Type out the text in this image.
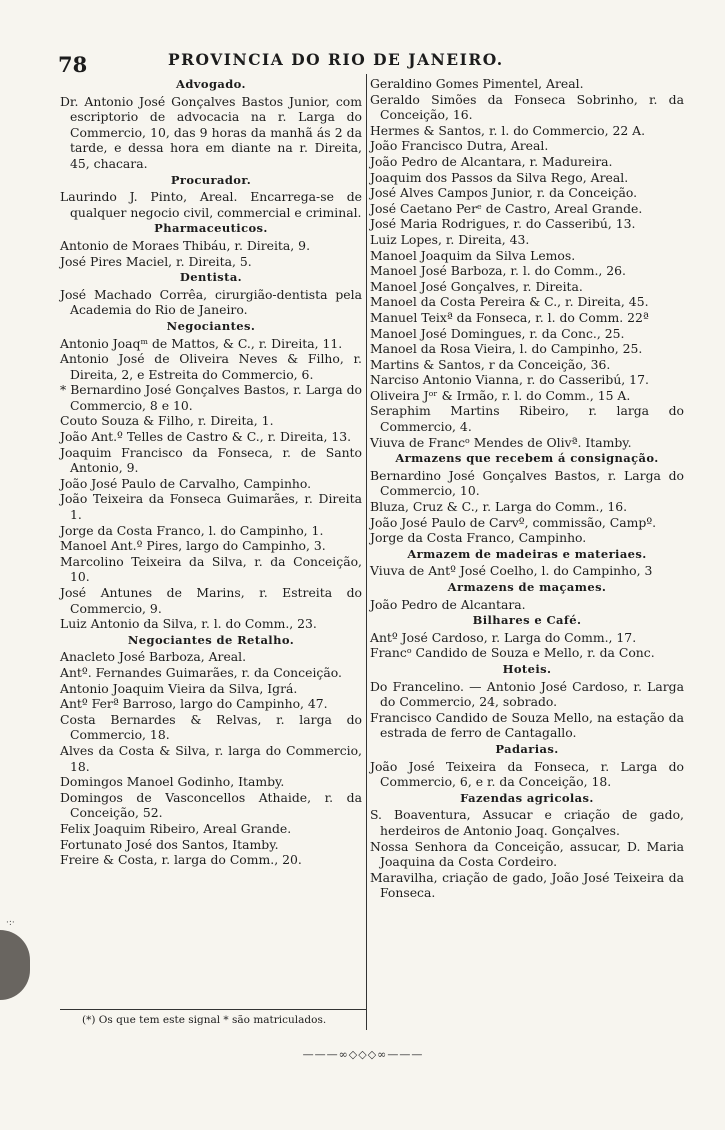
·:·
78	PROVINCIA DO RIO DE JANEIRO.
Advogado.
Dr. Antonio José Gonçalves Bastos Junior, com escriptorio de advocacia na r. Larga do Commercio, 10, das 9 horas da manhã ás 2 da tarde, e dessa hora em diante na r. Direita, 45, chacara.
Procurador.
Laurindo J. Pinto, Areal. Encarrega-se de qualquer negocio civil, commercial e criminal.
Pharmaceuticos.
Antonio de Moraes Thibáu, r. Direita, 9.
José Pires Maciel, r. Direita, 5.
Dentista.
José Machado Corrêa, cirurgião-dentista pela Academia do Rio de Janeiro.
Negociantes.
Antonio Joaqᵐ de Mattos, & C., r. Direita, 11.
Antonio José de Oliveira Neves & Filho, r. Direita, 2, e Estreita do Commercio, 6.
* Bernardino José Gonçalves Bastos, r. Larga do Commercio, 8 e 10.
Couto Souza & Filho, r. Direita, 1.
João Ant.º Telles de Castro & C., r. Direita, 13.
Joaquim Francisco da Fonseca, r. de Santo Antonio, 9.
João José Paulo de Carvalho, Campinho.
João Teixeira da Fonseca Guimarães, r. Direita 1.
Jorge da Costa Franco, l. do Campinho, 1.
Manoel Ant.º Pires, largo do Campinho, 3.
Marcolino Teixeira da Silva, r. da Conceição, 10.
José Antunes de Marins, r. Estreita do Commercio, 9.
Luiz Antonio da Silva, r. l. do Comm., 23.
Negociantes de Retalho.
Anacleto José Barboza, Areal.
Antº. Fernandes Guimarães, r. da Conceição.
Antonio Joaquim Vieira da Silva, Igrá.
Antº Ferª Barroso, largo do Campinho, 47.
Costa Bernardes & Relvas, r. larga do Commercio, 18.
Alves da Costa & Silva, r. larga do Commercio, 18.
Domingos Manoel Godinho, Itamby.
Domingos de Vasconcellos Athaide, r. da Conceição, 52.
Felix Joaquim Ribeiro, Areal Grande.
Fortunato José dos Santos, Itamby.
Freire & Costa, r. larga do Comm., 20.
Geraldino Gomes Pimentel, Areal.
Geraldo Simões da Fonseca Sobrinho, r. da Conceição, 16.
Hermes & Santos, r. l. do Commercio, 22 A.
João Francisco Dutra, Areal.
João Pedro de Alcantara, r. Madureira.
Joaquim dos Passos da Silva Rego, Areal.
José Alves Campos Junior, r. da Conceição.
José Caetano Perᵉ de Castro, Areal Grande.
José Maria Rodrigues, r. do Casseribú, 13.
Luiz Lopes, r. Direita, 43.
Manoel Joaquim da Silva Lemos.
Manoel José Barboza, r. l. do Comm., 26.
Manoel José Gonçalves, r. Direita.
Manoel da Costa Pereira & C., r. Direita, 45.
Manuel Teixª da Fonseca, r. l. do Comm. 22ª
Manoel José Domingues, r. da Conc., 25.
Manoel da Rosa Vieira, l. do Campinho, 25.
Martins & Santos, r da Conceição, 36.
Narciso Antonio Vianna, r. do Casseribú, 17.
Oliveira Jᵒʳ & Irmão, r. l. do Comm., 15 A.
Seraphim Martins Ribeiro, r. larga do Commercio, 4.
Viuva de Francᵒ Mendes de Olivª. Itamby.
Armazens que recebem á consignação.
Bernardino José Gonçalves Bastos, r. Larga do Commercio, 10.
Bluza, Cruz & C., r. Larga do Comm., 16.
João José Paulo de Carvº, commissão, Campº.
Jorge da Costa Franco, Campinho.
Armazem de madeiras e materiaes.
Viuva de Antº José Coelho, l. do Campinho, 3
Armazens de maçames.
João Pedro de Alcantara.
Bilhares e Café.
Antº José Cardoso, r. Larga do Comm., 17.
Francᵒ Candido de Souza e Mello, r. da Conc.
Hoteis.
Do Francelino. — Antonio José Cardoso, r. Larga do Commercio, 24, sobrado.
Francisco Candido de Souza Mello, na estação da estrada de ferro de Cantagallo.
Padarias.
João José Teixeira da Fonseca, r. Larga do Commercio, 6, e r. da Conceição, 18.
Fazendas agricolas.
S. Boaventura, Assucar e criação de gado, herdeiros de Antonio Joaq. Gonçalves.
Nossa Senhora da Conceição, assucar, D. Maria Joaquina da Costa Cordeiro.
Maravilha, criação de gado, João José Teixeira da Fonseca.
(*) Os que tem este signal * são matriculados.
———∞◇◇◇∞———
